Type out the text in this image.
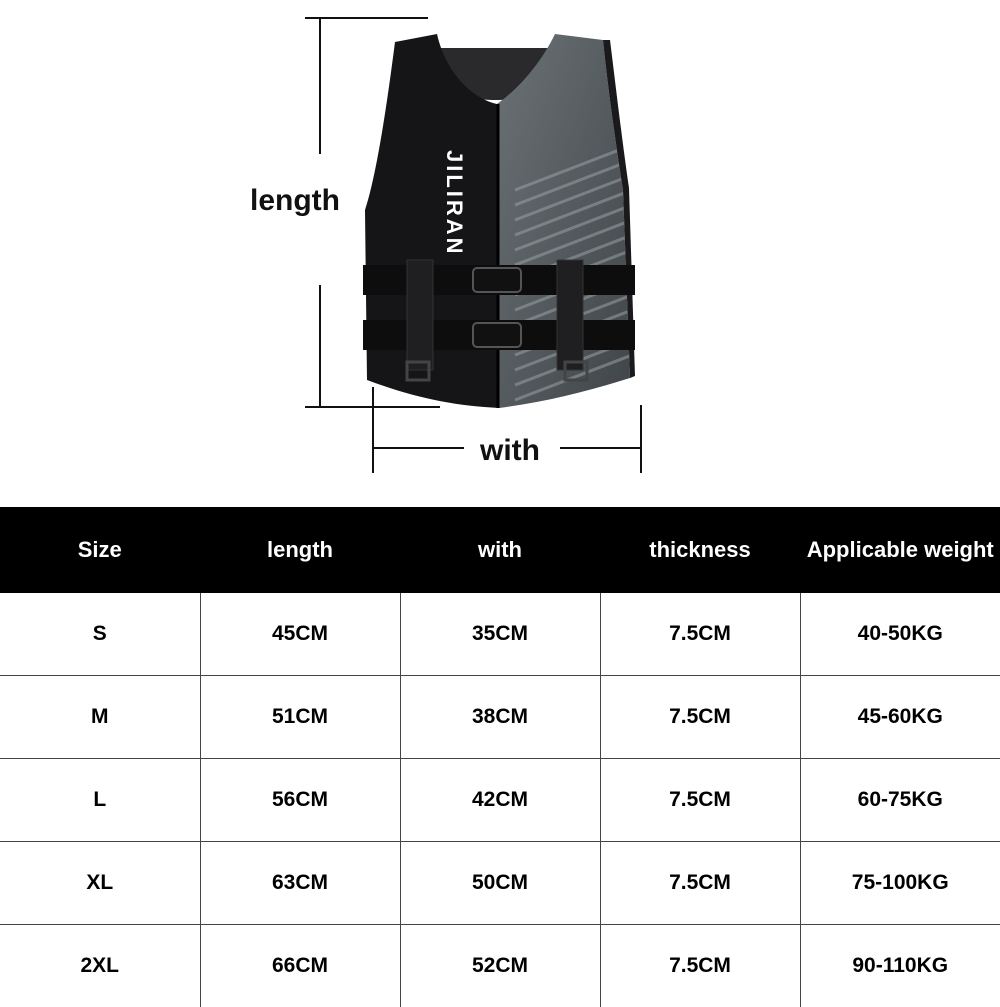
length
with
JILIRAN
Size	length	with	thickness	Applicable weight
S	45CM	35CM	7.5CM	40-50KG
M	51CM	38CM	7.5CM	45-60KG
L	56CM	42CM	7.5CM	60-75KG
XL	63CM	50CM	7.5CM	75-100KG
2XL	66CM	52CM	7.5CM	90-110KG
